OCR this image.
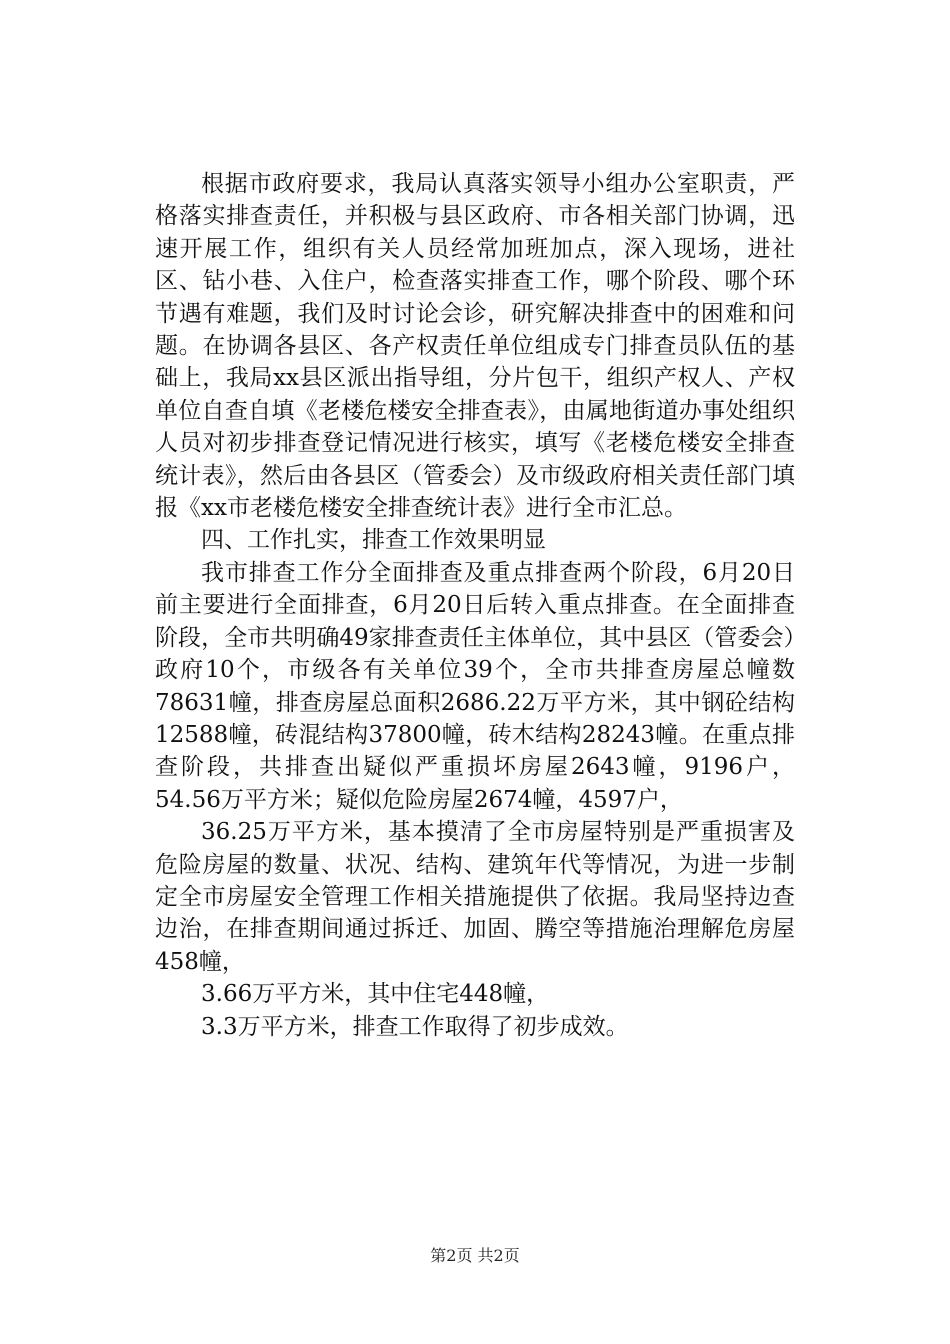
根据市政府要求，我局认真落实领导小组办公室职责，严格落实排查责任，并积极与县区政府、市各相关部门协调，迅速开展工作，组织有关人员经常加班加点，深入现场，进社区、钻小巷、入住户，检查落实排查工作，哪个阶段、哪个环节遇有难题，我们及时讨论会诊，研究解决排查中的困难和问题。在协调各县区、各产权责任单位组成专门排查员队伍的基础上，我局xx县区派出指导组，分片包干，组织产权人、产权单位自查自填《老楼危楼安全排查表》，由属地街道办事处组织人员对初步排查登记情况进行核实，填写《老楼危楼安全排查统计表》，然后由各县区（管委会）及市级政府相关责任部门填报《xx市老楼危楼安全排查统计表》进行全市汇总。

四、工作扎实，排查工作效果明显

我市排查工作分全面排查及重点排查两个阶段，6月20日前主要进行全面排查，6月20日后转入重点排查。在全面排查阶段，全市共明确49家排查责任主体单位，其中县区（管委会）政府10个，市级各有关单位39个，全市共排查房屋总幢数78631幢，排查房屋总面积2686.22万平方米，其中钢砼结构12588幢，砖混结构37800幢，砖木结构28243幢。在重点排查阶段，共排查出疑似严重损坏房屋2643幢，9196户，54.56万平方米；疑似危险房屋2674幢，4597户，

36.25万平方米，基本摸清了全市房屋特别是严重损害及危险房屋的数量、状况、结构、建筑年代等情况，为进一步制定全市房屋安全管理工作相关措施提供了依据。我局坚持边查边治，在排查期间通过拆迁、加固、腾空等措施治理解危房屋458幢，

3.66万平方米，其中住宅448幢，

3.3万平方米，排查工作取得了初步成效。

第2页 共2页
